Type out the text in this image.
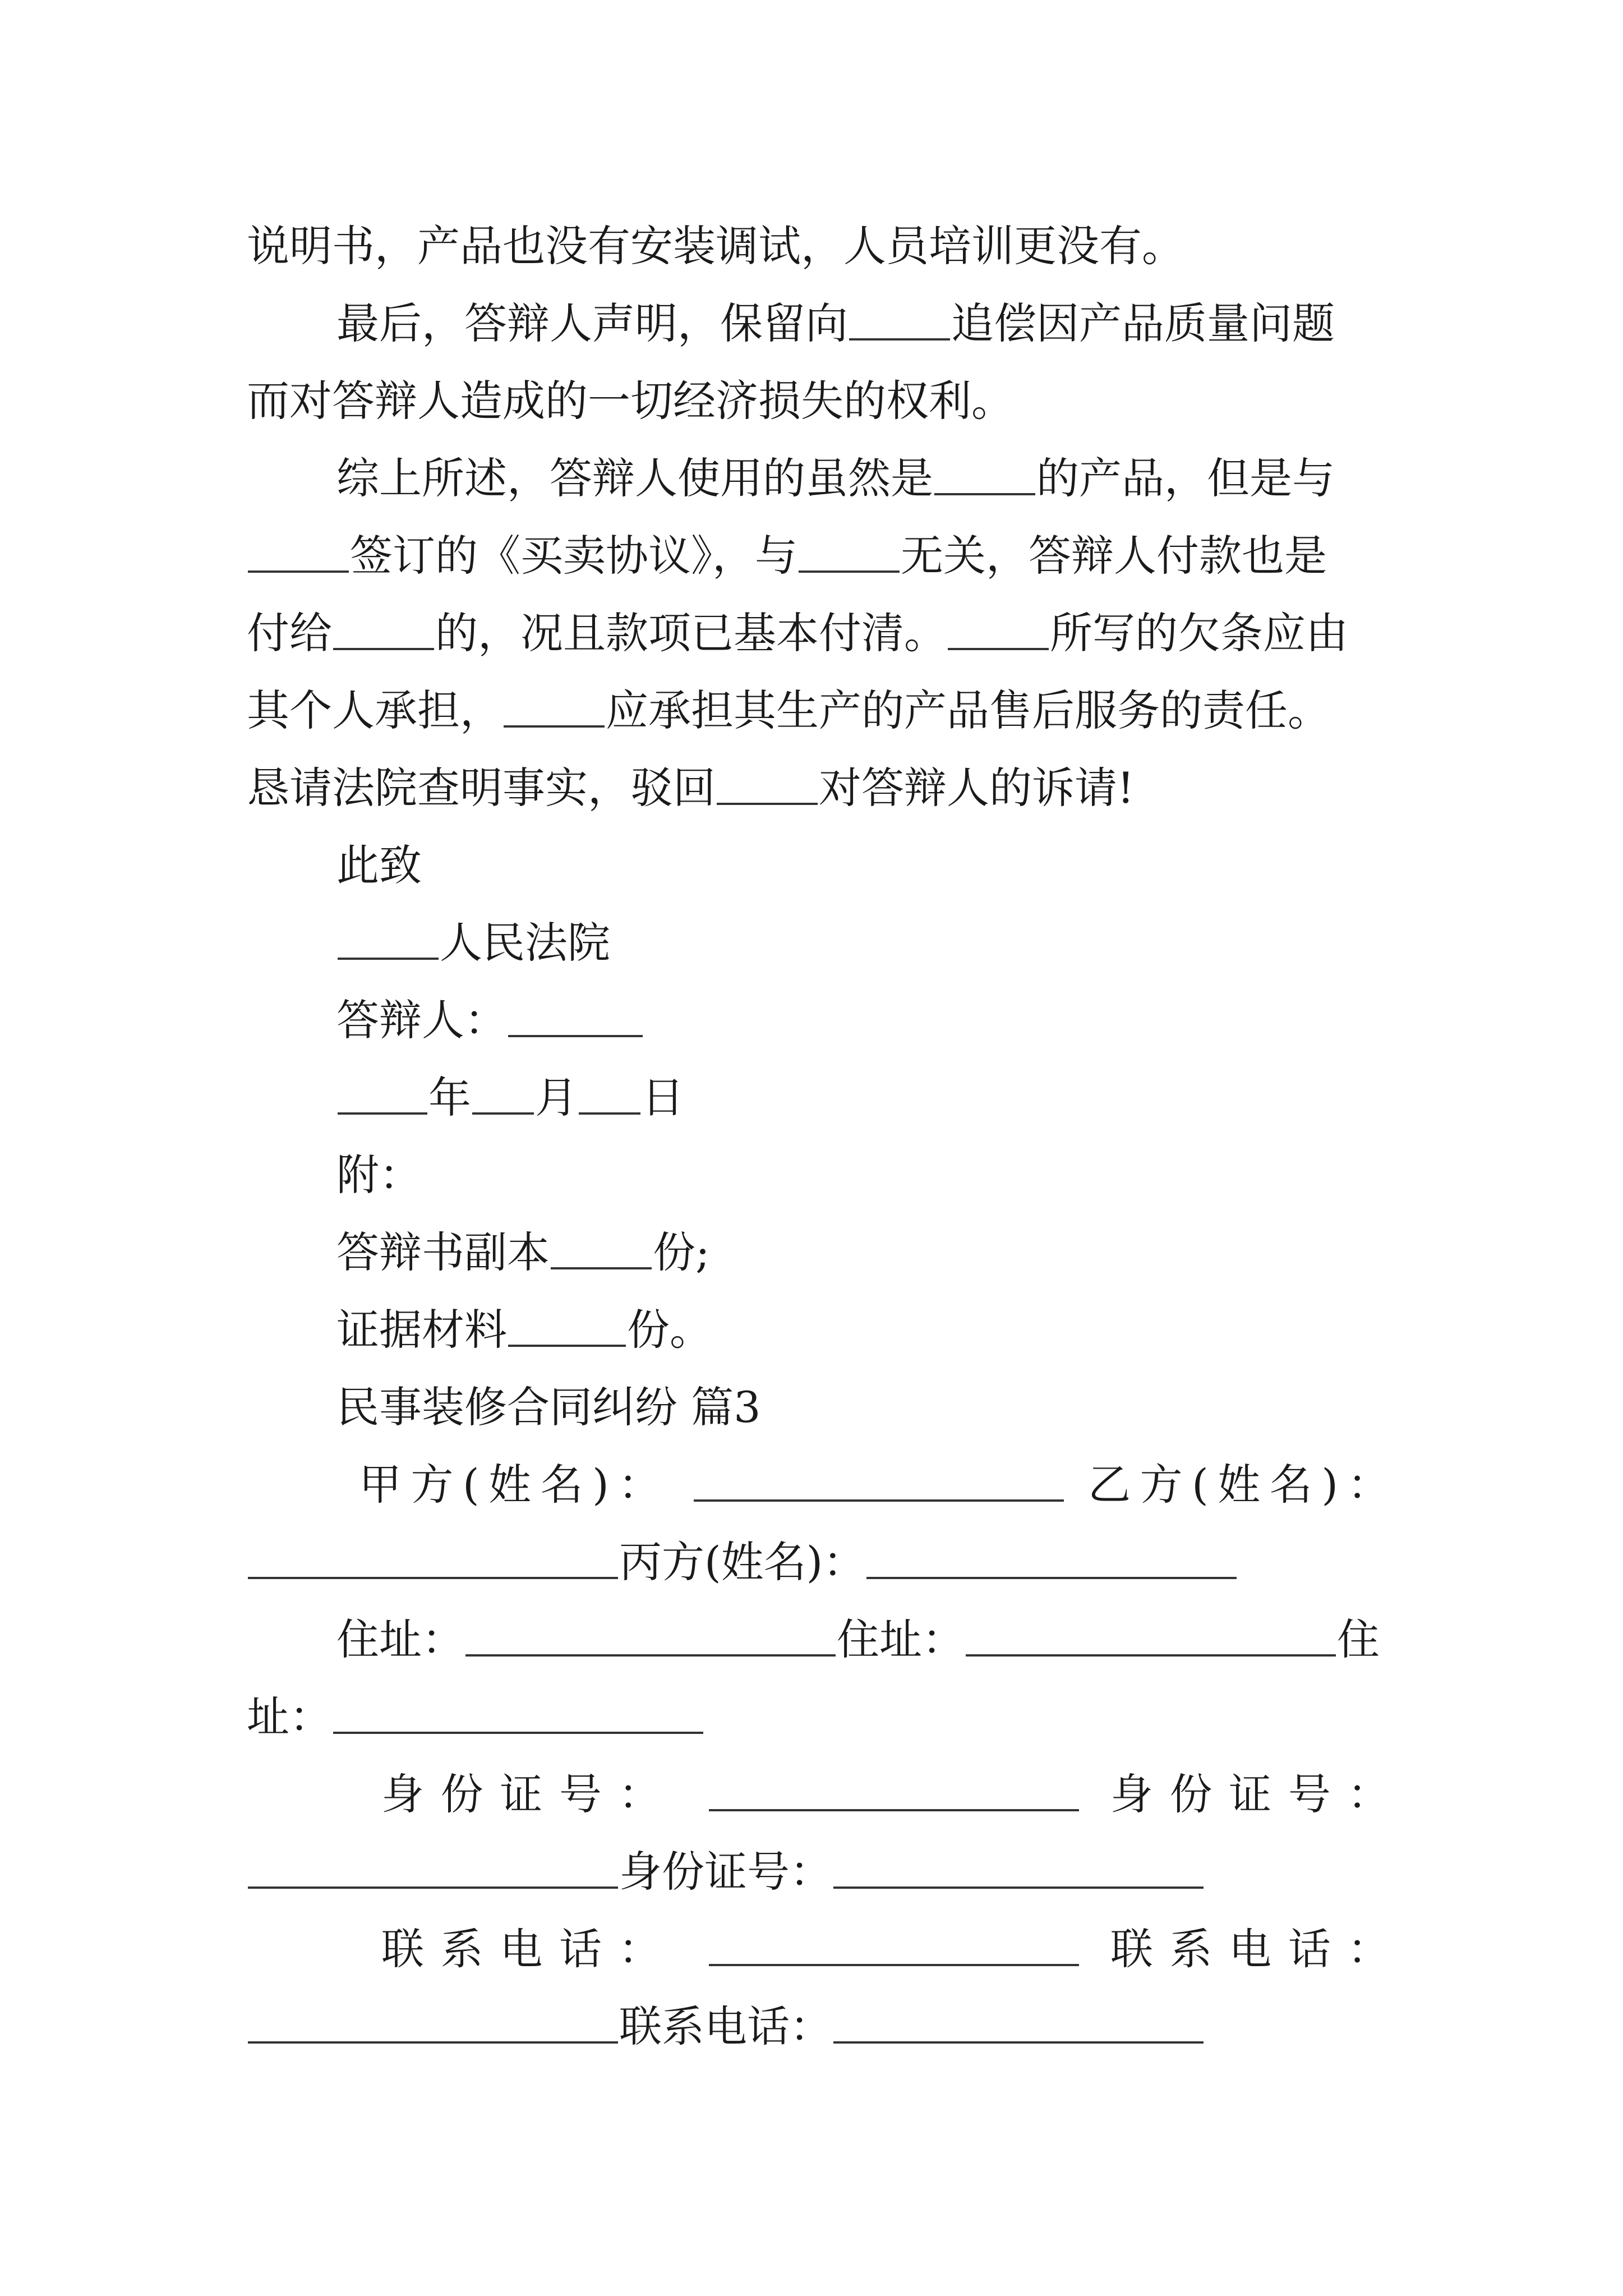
说明书，产品也没有安装调试，人员培训更没有。
最后，答辩人声明，保留向 追偿因产品质量问题
而对答辩人造成的一切经济损失的权利。
综上所述，答辩人使用的虽然是 的产品，但是与
签订的《买卖协议》，与 无关，答辩人付款也是
付给 的，况且款项已基本付清。 所写的欠条应由
其个人承担， 应承担其生产的产品售后服务的责任。
恳请法院查明事实，驳回 对答辩人的诉请!
此致
人民法院
答辩人：
年 月 日
附：
答辩书副本 份;
证据材料	份。
民事装修合同纠纷 篇3
甲方(姓名)：	乙方(姓名)：
丙方(姓名)：
住址：	住址：	住
址：
身份证号：	身份证号：
身份证号：
联系电话：	联系电话：
联系电话：
